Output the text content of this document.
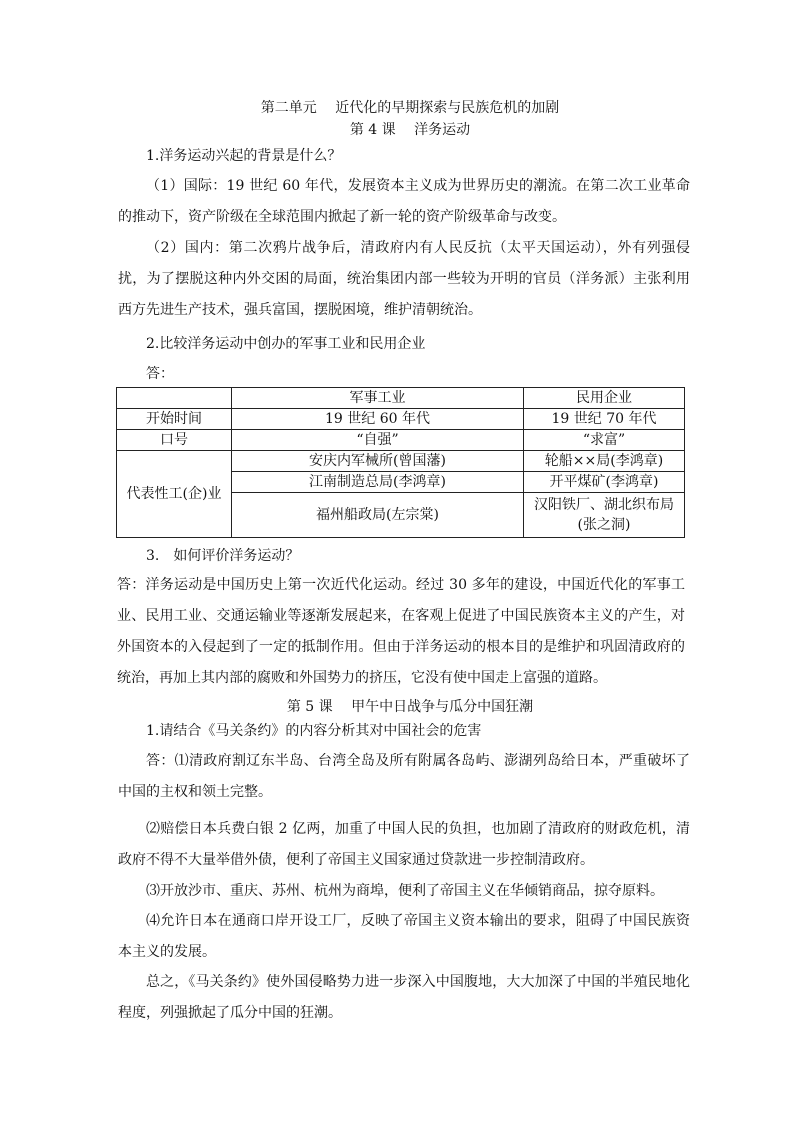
第二单元　 近代化的早期探索与民族危机的加剧
第 4 课　 洋务运动
1.洋务运动兴起的背景是什么？
（1）国际：19 世纪 60 年代，发展资本主义成为世界历史的潮流。在第二次工业革命的推动下，资产阶级在全球范围内掀起了新一轮的资产阶级革命与改变。
（2）国内：第二次鸦片战争后，清政府内有人民反抗（太平天国运动），外有列强侵扰，为了摆脱这种内外交困的局面，统治集团内部一些较为开明的官员（洋务派）主张利用西方先进生产技术，强兵富国，摆脱困境，维护清朝统治。
2.比较洋务运动中创办的军事工业和民用企业
答：
	军事工业	民用企业
开始时间	19 世纪 60 年代	19 世纪 70 年代
口号	“自强”	“求富”
代表性工(企)业	安庆内军械所(曾国藩)	轮船××局(李鸿章)
	江南制造总局(李鸿章)	开平煤矿(李鸿章)
	福州船政局(左宗棠)	汉阳铁厂、湖北织布局(张之洞)
3.　如何评价洋务运动？
答：洋务运动是中国历史上第一次近代化运动。经过 30 多年的建设，中国近代化的军事工业、民用工业、交通运输业等逐渐发展起来，在客观上促进了中国民族资本主义的产生，对外国资本的入侵起到了一定的抵制作用。但由于洋务运动的根本目的是维护和巩固清政府的统治，再加上其内部的腐败和外国势力的挤压，它没有使中国走上富强的道路。
第 5 课　 甲午中日战争与瓜分中国狂潮
1.请结合《马关条约》的内容分析其对中国社会的危害
答：⑴清政府割辽东半岛、台湾全岛及所有附属各岛屿、澎湖列岛给日本，严重破坏了中国的主权和领土完整。
⑵赔偿日本兵费白银 2 亿两，加重了中国人民的负担，也加剧了清政府的财政危机，清政府不得不大量举借外债，便利了帝国主义国家通过贷款进一步控制清政府。
⑶开放沙市、重庆、苏州、杭州为商埠，便利了帝国主义在华倾销商品，掠夺原料。
⑷允许日本在通商口岸开设工厂，反映了帝国主义资本输出的要求，阻碍了中国民族资本主义的发展。
总之，《马关条约》使外国侵略势力进一步深入中国腹地，大大加深了中国的半殖民地化程度，列强掀起了瓜分中国的狂潮。
